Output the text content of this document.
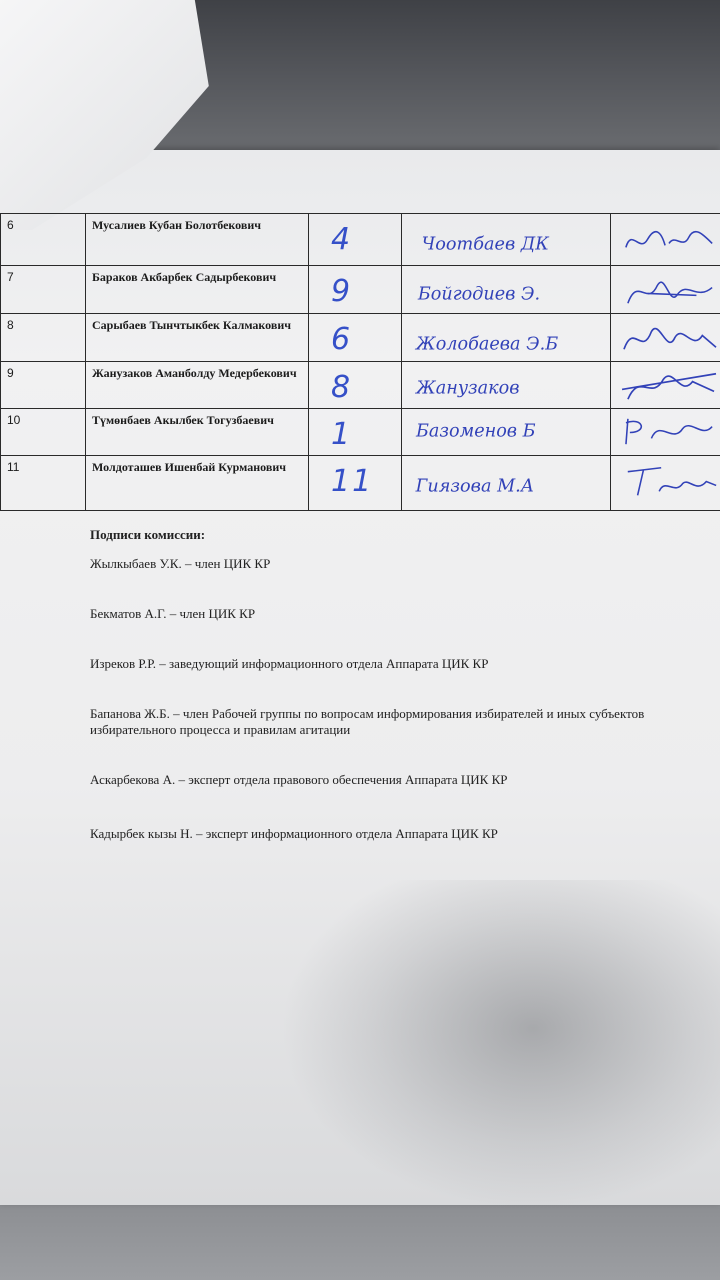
6	Мусалиев Кубан Болотбекович	4	Чоотбаев ДК

7	Бараков Акбарбек Садырбекович	9	Бойгодиев Э.

8	Сарыбаев Тынчтыкбек Калмакович	6	Жолобаева Э.Б

9	Жанузаков Аманболду Медербекович	8	Жанузаков

10	Түмөнбаев Акылбек Тогузбаевич	1	Базоменов Б

11	Молдоташев Ишенбай Курманович	11	Гиязова М.А

Подписи комиссии:
Жылкыбаев У.К. – член ЦИК КР
Бекматов А.Г. – член ЦИК КР
Изреков Р.Р. – заведующий информационного отдела Аппарата ЦИК КР
Бапанова Ж.Б. – член Рабочей группы по вопросам информирования избирателей и иных субъектов избирательного процесса и правилам агитации
Аскарбекова А. – эксперт отдела правового обеспечения Аппарата ЦИК КР
Кадырбек кызы Н. – эксперт информационного отдела Аппарата ЦИК КР
